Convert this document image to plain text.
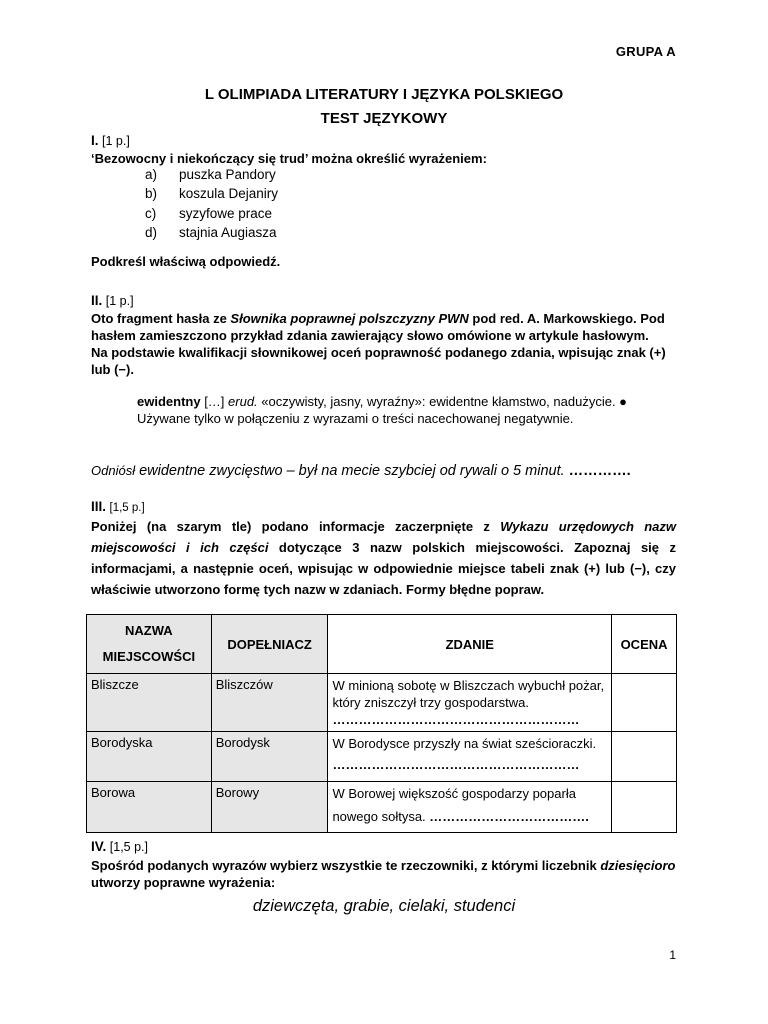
GRUPA A
L OLIMPIADA LITERATURY I JĘZYKA POLSKIEGO
TEST JĘZYKOWY
I. [1 p.]
‘Bezowocny i niekończący się trud’ można określić wyrażeniem:
a) puszka Pandory
b) koszula Dejaniry
c) syzyfowe prace
d) stajnia Augiasza
Podkreśl właściwą odpowiedź.
II. [1 p.]
Oto fragment hasła ze Słownika poprawnej polszczyzny PWN pod red. A. Markowskiego. Pod hasłem zamieszczono przykład zdania zawierający słowo omówione w artykule hasłowym.
Na podstawie kwalifikacji słownikowej oceń poprawność podanego zdania, wpisując znak (+) lub (−).
ewidentny […] erud. «oczywisty, jasny, wyraźny»: ewidentne kłamstwo, nadużycie. ● Używane tylko w połączeniu z wyrazami o treści nacechowanej negatywnie.
Odniósł ewidentne zwycięstwo – był na mecie szybciej od rywali o 5 minut. ………….
III. [1,5 p.]
Poniżej (na szarym tle) podano informacje zaczerpnięte z Wykazu urzędowych nazw miejscowości i ich części dotyczące 3 nazw polskich miejscowości. Zapoznaj się z informacjami, a następnie oceń, wpisując w odpowiednie miejsce tabeli znak (+) lub (−), czy właściwie utworzono formę tych nazw w zdaniach. Formy błędne popraw.
NAZWA MIEJSCOWŚCI	DOPEŁNIACZ	ZDANIE	OCENA
Bliszcze	Bliszczów	W minioną sobotę w Bliszczach wybuchł pożar, który zniszczył trzy gospodarstwa.
…………………………………………………	

Borodyska	Borodysk	W Borodysce przyszły na świat sześcioraczki.
…………………………………………………	

Borowa	Borowy	W Borowej większość gospodarzy poparła
nowego sołtysa. ……………………………….	

IV. [1,5 p.]
Spośród podanych wyrazów wybierz wszystkie te rzeczowniki, z którymi liczebnik dziesięcioro utworzy poprawne wyrażenia:
dziewczęta, grabie, cielaki, studenci
1
